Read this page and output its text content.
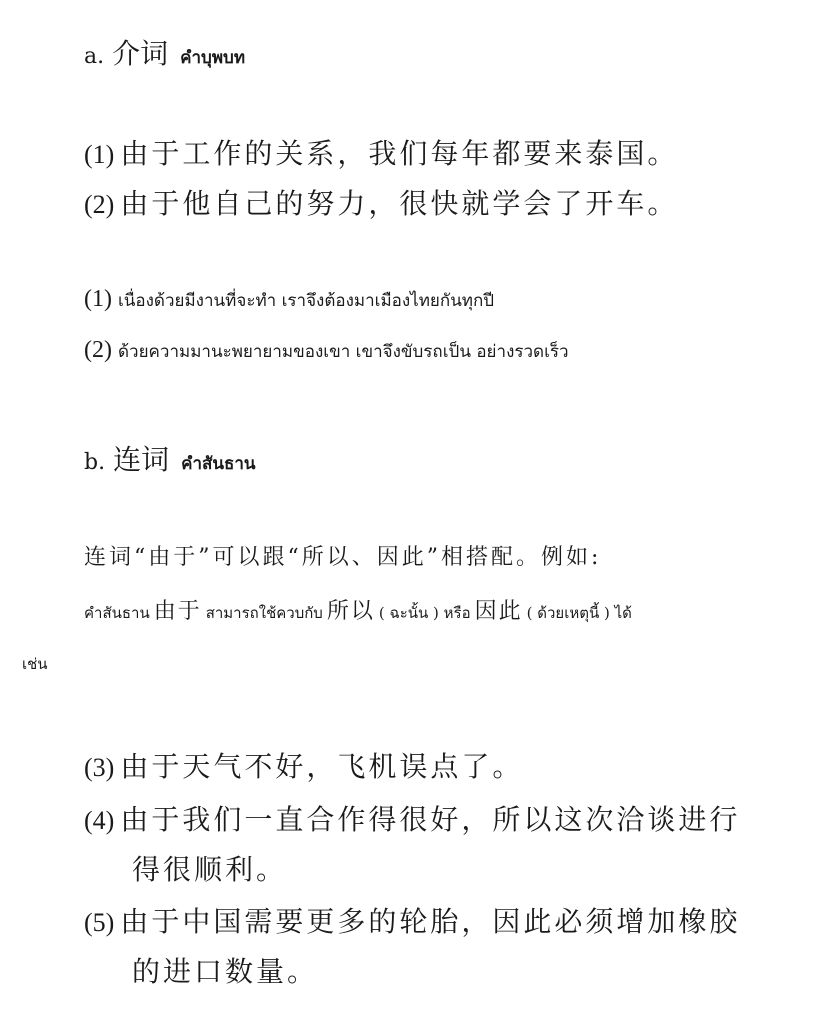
a. 介词 คำบุพบท
(1) 由于工作的关系，我们每年都要来泰国。
(2) 由于他自己的努力，很快就学会了开车。
(1) เนื่องด้วยมีงานที่จะทำ เราจึงต้องมาเมืองไทยกันทุกปี
(2) ด้วยความมานะพยายามของเขา เขาจึงขับรถเป็น อย่างรวดเร็ว
b. 连词 คำสันธาน
连词“由于”可以跟“所以、因此”相搭配。例如:
คำสันธาน 由于 สามารถใช้ควบกับ 所以 ( ฉะนั้น ) หรือ 因此 ( ด้วยเหตุนี้ ) ได้
เช่น
(3) 由于天气不好，飞机误点了。
(4) 由于我们一直合作得很好，所以这次洽谈进行
得很顺利。
(5) 由于中国需要更多的轮胎，因此必须增加橡胶
的进口数量。
